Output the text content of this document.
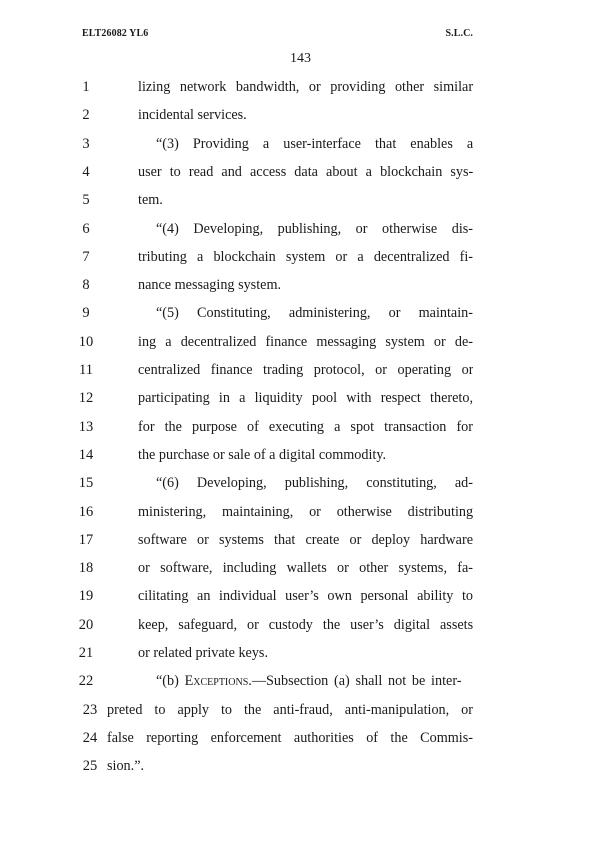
ELT26082 YL6	S.L.C.
143
1	lizing network bandwidth, or providing other similar
2	incidental services.
3	“(3) Providing a user-interface that enables a
4	user to read and access data about a blockchain sys-
5	tem.
6	“(4) Developing, publishing, or otherwise dis-
7	tributing a blockchain system or a decentralized fi-
8	nance messaging system.
9	“(5) Constituting, administering, or maintain-
10	ing a decentralized finance messaging system or de-
11	centralized finance trading protocol, or operating or
12	participating in a liquidity pool with respect thereto,
13	for the purpose of executing a spot transaction for
14	the purchase or sale of a digital commodity.
15	“(6) Developing, publishing, constituting, ad-
16	ministering, maintaining, or otherwise distributing
17	software or systems that create or deploy hardware
18	or software, including wallets or other systems, fa-
19	cilitating an individual user’s own personal ability to
20	keep, safeguard, or custody the user’s digital assets
21	or related private keys.
22	“(b) Exceptions.—Subsection (a) shall not be inter-
23 preted to apply to the anti-fraud, anti-manipulation, or
24 false reporting enforcement authorities of the Commis-
25 sion.”.
